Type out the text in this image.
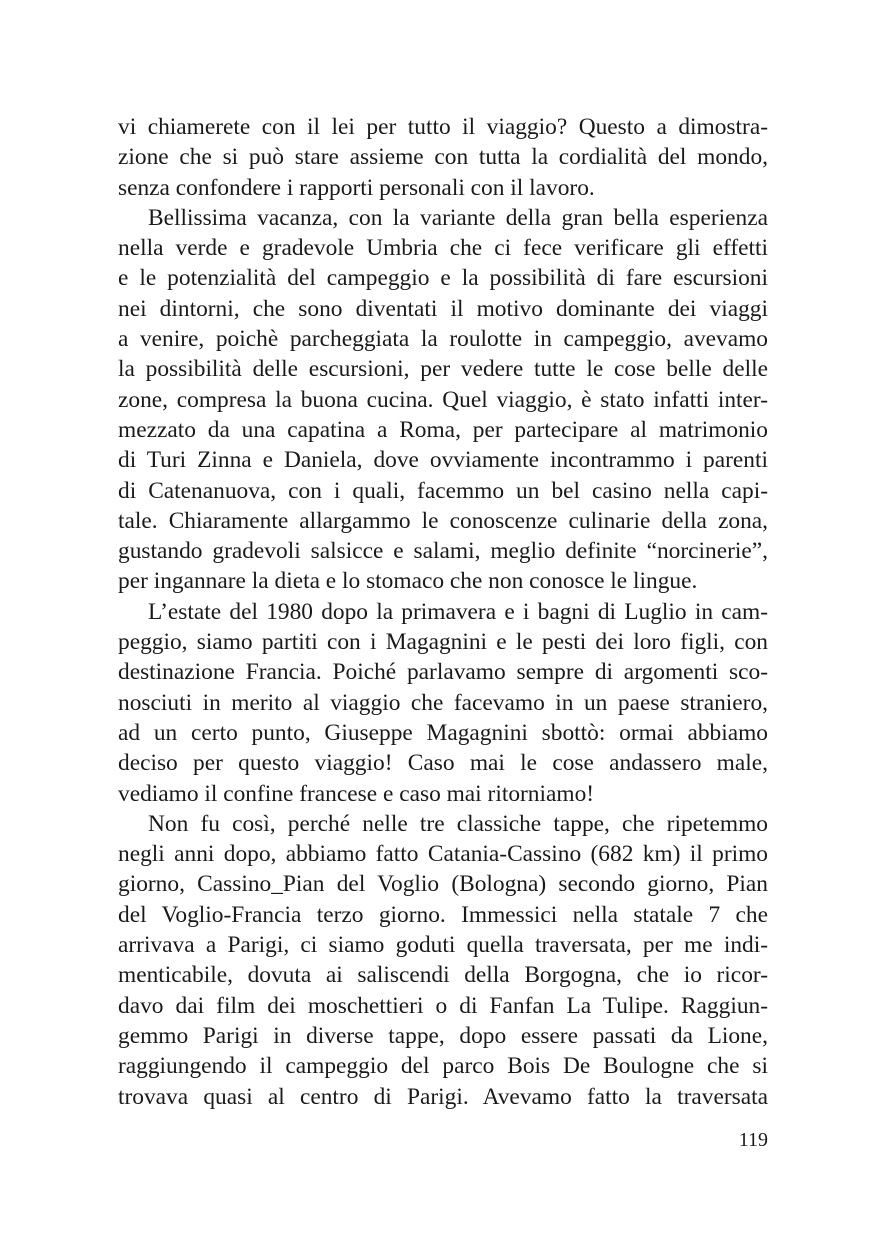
vi chiamerete con il lei per tutto il viaggio? Questo a dimostra-
zione che si può stare assieme con tutta la cordialità del mondo,
senza confondere i rapporti personali con il lavoro.
Bellissima vacanza, con la variante della gran bella esperienza
nella verde e gradevole Umbria che ci fece verificare gli effetti
e le potenzialità del campeggio e la possibilità di fare escursioni
nei dintorni, che sono diventati il motivo dominante dei viaggi
a venire, poichè parcheggiata la roulotte in campeggio, avevamo
la possibilità delle escursioni, per vedere tutte le cose belle delle
zone, compresa la buona cucina. Quel viaggio, è stato infatti inter-
mezzato da una capatina a Roma, per partecipare al matrimonio
di Turi Zinna e Daniela, dove ovviamente incontrammo i parenti
di Catenanuova, con i quali, facemmo un bel casino nella capi-
tale. Chiaramente allargammo le conoscenze culinarie della zona,
gustando gradevoli salsicce e salami, meglio definite “norcinerie”,
per ingannare la dieta e lo stomaco che non conosce le lingue.
L’estate del 1980 dopo la primavera e i bagni di Luglio in cam-
peggio, siamo partiti con i Magagnini e le pesti dei loro figli, con
destinazione Francia. Poiché parlavamo sempre di argomenti sco-
nosciuti in merito al viaggio che facevamo in un paese straniero,
ad un certo punto, Giuseppe Magagnini sbottò: ormai abbiamo
deciso per questo viaggio! Caso mai le cose andassero male,
vediamo il confine francese e caso mai ritorniamo!
Non fu così, perché nelle tre classiche tappe, che ripetemmo
negli anni dopo, abbiamo fatto Catania-Cassino (682 km) il primo
giorno, Cassino_Pian del Voglio (Bologna) secondo giorno, Pian
del Voglio-Francia terzo giorno. Immessici nella statale 7 che
arrivava a Parigi, ci siamo goduti quella traversata, per me indi-
menticabile, dovuta ai saliscendi della Borgogna, che io ricor-
davo dai film dei moschettieri o di Fanfan La Tulipe. Raggiun-
gemmo Parigi in diverse tappe, dopo essere passati da Lione,
raggiungendo il campeggio del parco Bois De Boulogne che si
trovava quasi al centro di Parigi. Avevamo fatto la traversata
119
